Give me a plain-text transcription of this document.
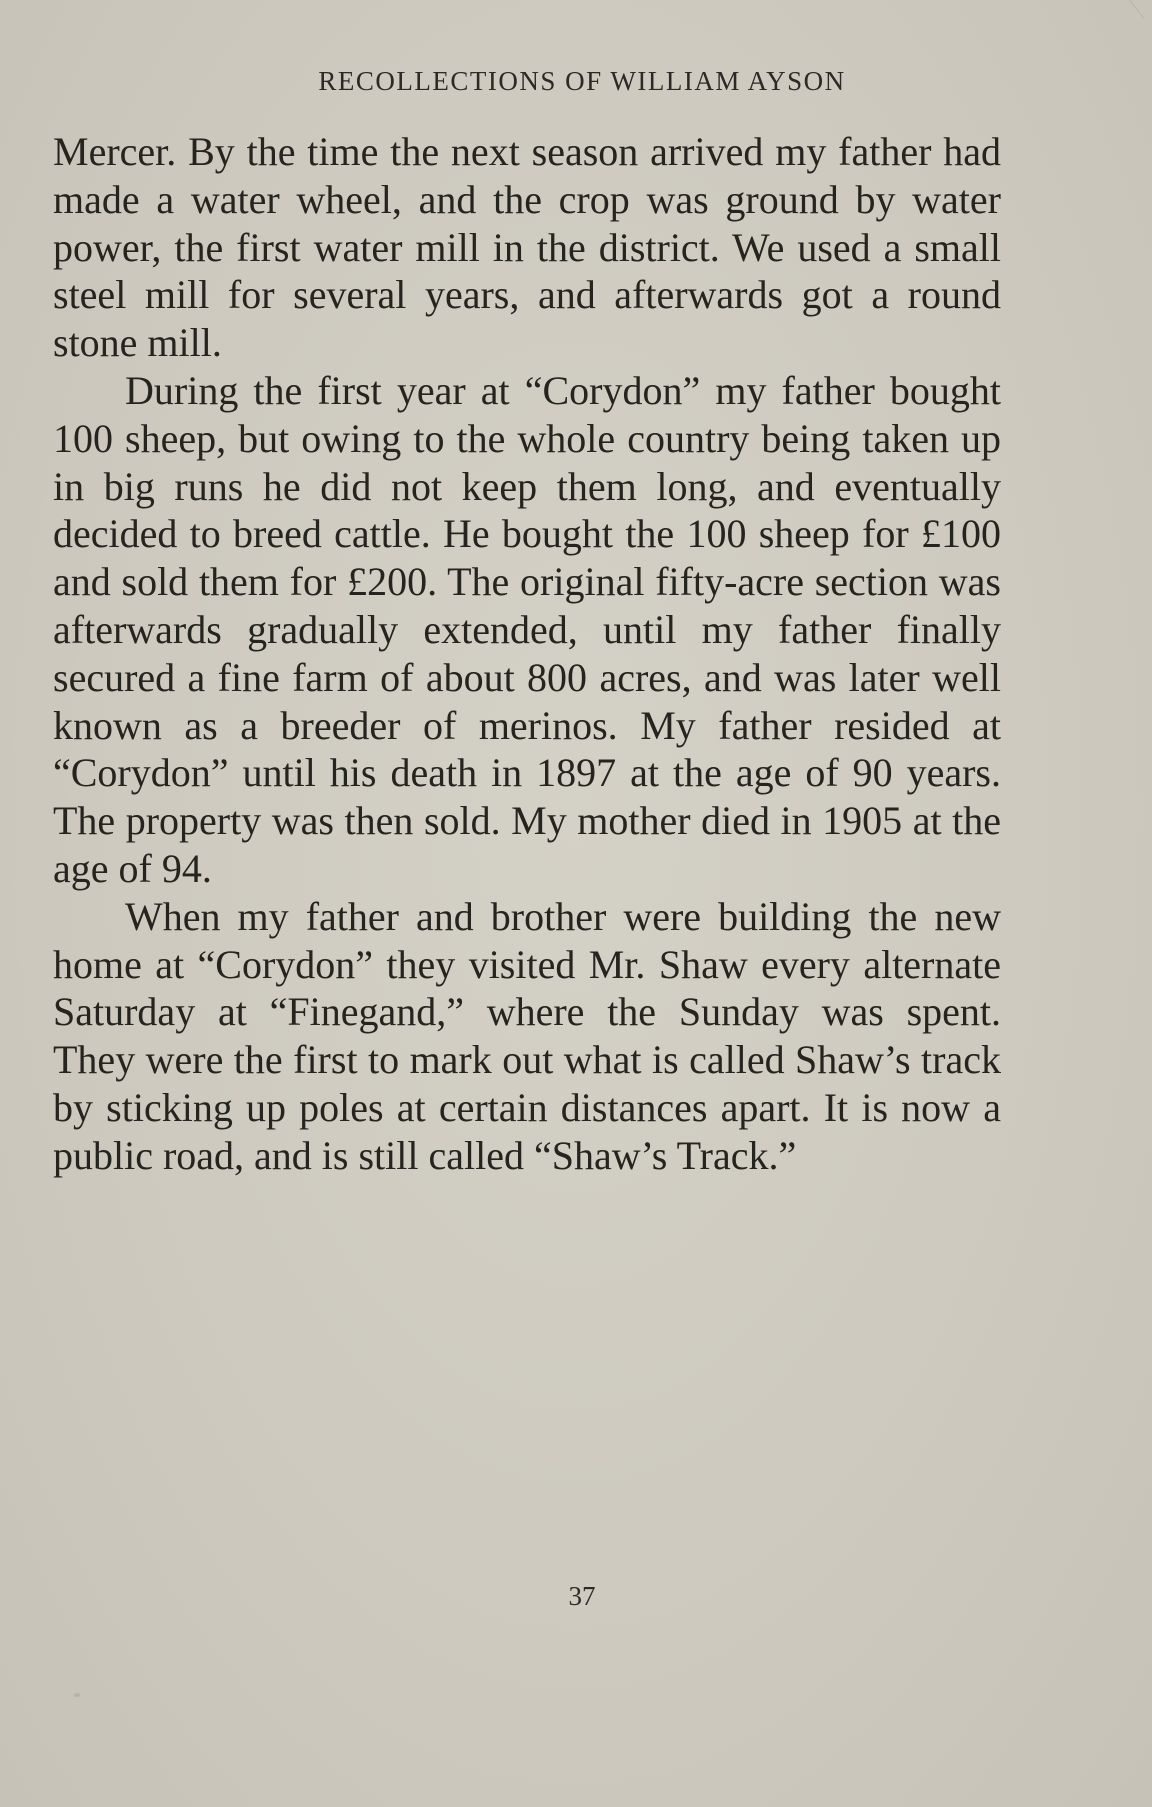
RECOLLECTIONS OF WILLIAM AYSON

Mercer. By the time the next season arrived my father had made a water wheel, and the crop was ground by water power, the first water mill in the district. We used a small steel mill for several years, and afterwards got a round stone mill.

During the first year at “Corydon” my father bought 100 sheep, but owing to the whole country being taken up in big runs he did not keep them long, and eventually decided to breed cattle. He bought the 100 sheep for £100 and sold them for £200. The original fifty-acre section was afterwards gradually extended, until my father finally secured a fine farm of about 800 acres, and was later well known as a breeder of merinos. My father resided at “Corydon” until his death in 1897 at the age of 90 years. The property was then sold. My mother died in 1905 at the age of 94.

When my father and brother were building the new home at “Corydon” they visited Mr. Shaw every alternate Saturday at “Finegand,” where the Sunday was spent. They were the first to mark out what is called Shaw’s track by sticking up poles at certain distances apart. It is now a public road, and is still called “Shaw’s Track.”

37
